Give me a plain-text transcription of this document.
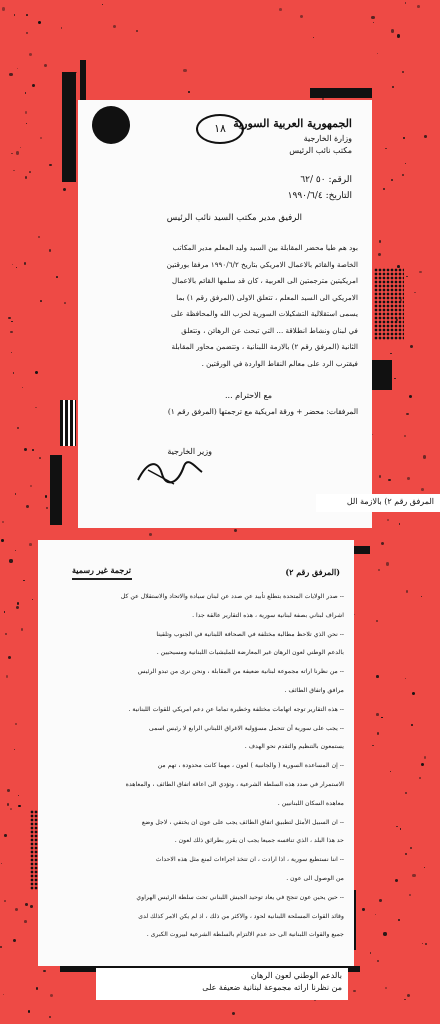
١٨ الجمهورية العربية السورية
وزارة الخارجية
مكتب نائب الرئيس
الرقم: ٥٠ /٦٢
التاريخ: ١٩٩٠/٦/٤
الرفيق مدير مكتب السيد نائب الرئيس
بود هم طيا محضر المقابلة بين السيد وليد المعلم مدير المكاتب
الخاصة والقائم بالاعمال الامريكي بتاريخ ١٩٩٠/٦/٢ مرفقا بورقتين
امريكيتين مترجمتين الى العربية ، كان قد سلمها القائم بالاعمال
الامريكي الى السيد المعلم ، تتعلق الاولى (المرفق رقم ١) بما
يسمى استقلالية التشكيلات السورية لحزب الله والمحافظة على
في لبنان ونشاط انطلاقة ... التي تبحث عن الرهائن ، وتتعلق
الثانية (المرفق رقم ٢) بالازمة اللبنانية ، وتتضمن محاور المقابلة
فيقترب الرد على معالم النقاط الواردة في الورقتين .
مع الاحترام ...
المرفقات: محضر + ورقة امريكية مع ترجمتها (المرفق رقم ١)
وزير الخارجية
المرفق رقم ٢) بالازمة الل
(المرفق رقم ٢)
ترجمة غير رسمية
-- صدر الولايات المتحدة بتطلع تأبيد عن صدد عن لبنان سيادة والاتحاد والاستقلال عن كل
اشراف لبناني بصفة لبنانية سورية ، هذه التقارير عالقة جدا .
-- نحن الذي تلاحظ مطالبة مختلفة في الصحافة اللبنانية في الجنوب وتلقينا
بالدعم الوطني لعون الرهان غير المعارضة للمليشيات اللبنانية ومسيحيين .
-- من نظرنا اراته مجموعة لبنانية ضعيفة من المقابلة ، ونحن نرى من تبدو الرئيس
مرافق واتفاق الطائف .
-- هذه التقارير توجه اتهامات مختلفة وخطيرة تماما عن دعم امريكي للقوات اللبنانية .
-- يجب على سورية أن تتحمل مسؤولية الاغراق اللبناني الرابع لا رئيس اسمى
يستمعون بالتنظيم والتقدم نحو الهدف .
-- إن المساعدة السورية ( والجانبية ) لعون ، مهما كانت محدودة ، تهم من
الاستمرار في صدد هذه السلطة الشرعية ، وتؤدي الى اعاقة اتفاق الطائف ، والمعاهدة
معاهدة السكان اللبنانيين .
-- ان السبيل الأمثل لتطبيق اتفاق الطائف يجب على عون ان يختفي ، لاجل وضع
حد هذا البلد ، الذي تنافسه جميعا يجب ان يقرر بطرائق ذلك لعون .
-- اننا نستطيع سورية ، اذا ارادت ، ان تتخذ اجراءات لمنع مثل هذه الاحداث
من الوصول الى عون .
-- حين يحين عون تنجح في يعاد توحيد الجيش اللبناني تحت سلطة الرئيس الهراوي
وقائد القوات المسلحة اللبنانية لحود ، والاكثر من ذلك ، اذ لم يكن الامر كذلك لدى
جميع والقوات اللبنانية الى حد عدم الالتزام بالسلطة الشرعية لبيروت الكبرى .
بالدعم الوطني لعون الرهان
من نظرنا اراته مجموعة لبنانية ضعيفة على
